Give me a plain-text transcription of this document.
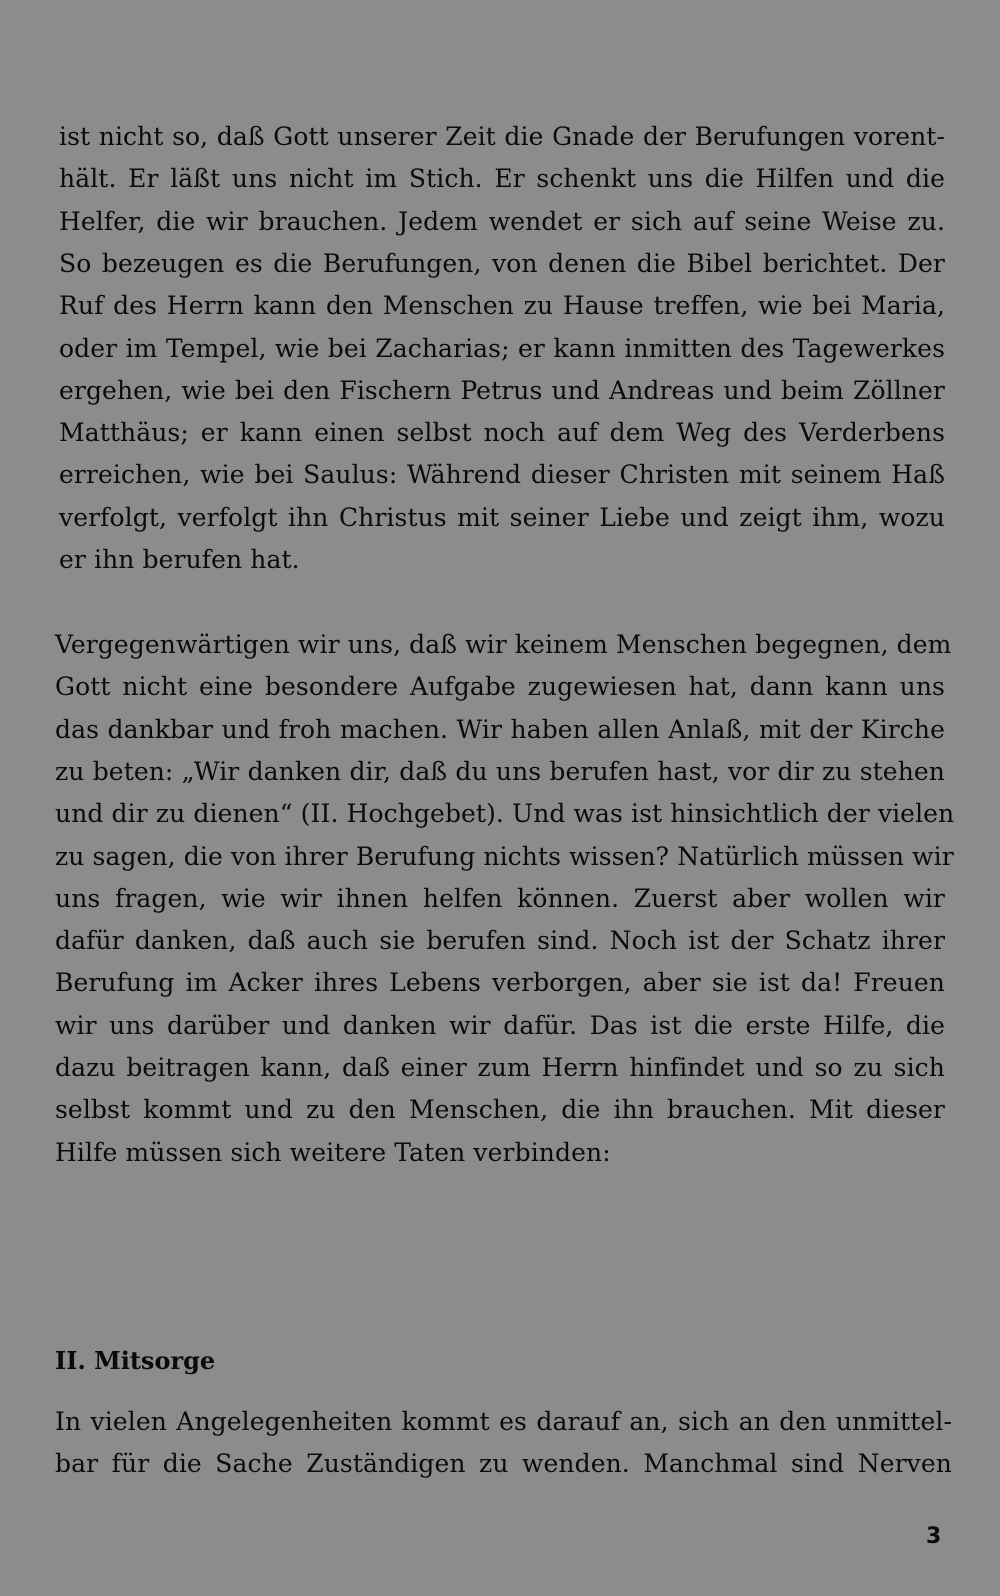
ist nicht so, daß Gott unserer Zeit die Gnade der Berufungen vorent-
hält. Er läßt uns nicht im Stich. Er schenkt uns die Hilfen und die
Helfer, die wir brauchen. Jedem wendet er sich auf seine Weise zu.
So bezeugen es die Berufungen, von denen die Bibel berichtet. Der
Ruf des Herrn kann den Menschen zu Hause treffen, wie bei Maria,
oder im Tempel, wie bei Zacharias; er kann inmitten des Tagewerkes
ergehen, wie bei den Fischern Petrus und Andreas und beim Zöllner
Matthäus; er kann einen selbst noch auf dem Weg des Verderbens
erreichen, wie bei Saulus: Während dieser Christen mit seinem Haß
verfolgt, verfolgt ihn Christus mit seiner Liebe und zeigt ihm, wozu
er ihn berufen hat.
Vergegenwärtigen wir uns, daß wir keinem Menschen begegnen, dem
Gott nicht eine besondere Aufgabe zugewiesen hat, dann kann uns
das dankbar und froh machen. Wir haben allen Anlaß, mit der Kirche
zu beten: „Wir danken dir, daß du uns berufen hast, vor dir zu stehen
und dir zu dienen“ (II. Hochgebet). Und was ist hinsichtlich der vielen
zu sagen, die von ihrer Berufung nichts wissen? Natürlich müssen wir
uns fragen, wie wir ihnen helfen können. Zuerst aber wollen wir
dafür danken, daß auch sie berufen sind. Noch ist der Schatz ihrer
Berufung im Acker ihres Lebens verborgen, aber sie ist da! Freuen
wir uns darüber und danken wir dafür. Das ist die erste Hilfe, die
dazu beitragen kann, daß einer zum Herrn hinfindet und so zu sich
selbst kommt und zu den Menschen, die ihn brauchen. Mit dieser
Hilfe müssen sich weitere Taten verbinden:
II. Mitsorge
In vielen Angelegenheiten kommt es darauf an, sich an den unmittel-
bar für die Sache Zuständigen zu wenden. Manchmal sind Nerven
3
